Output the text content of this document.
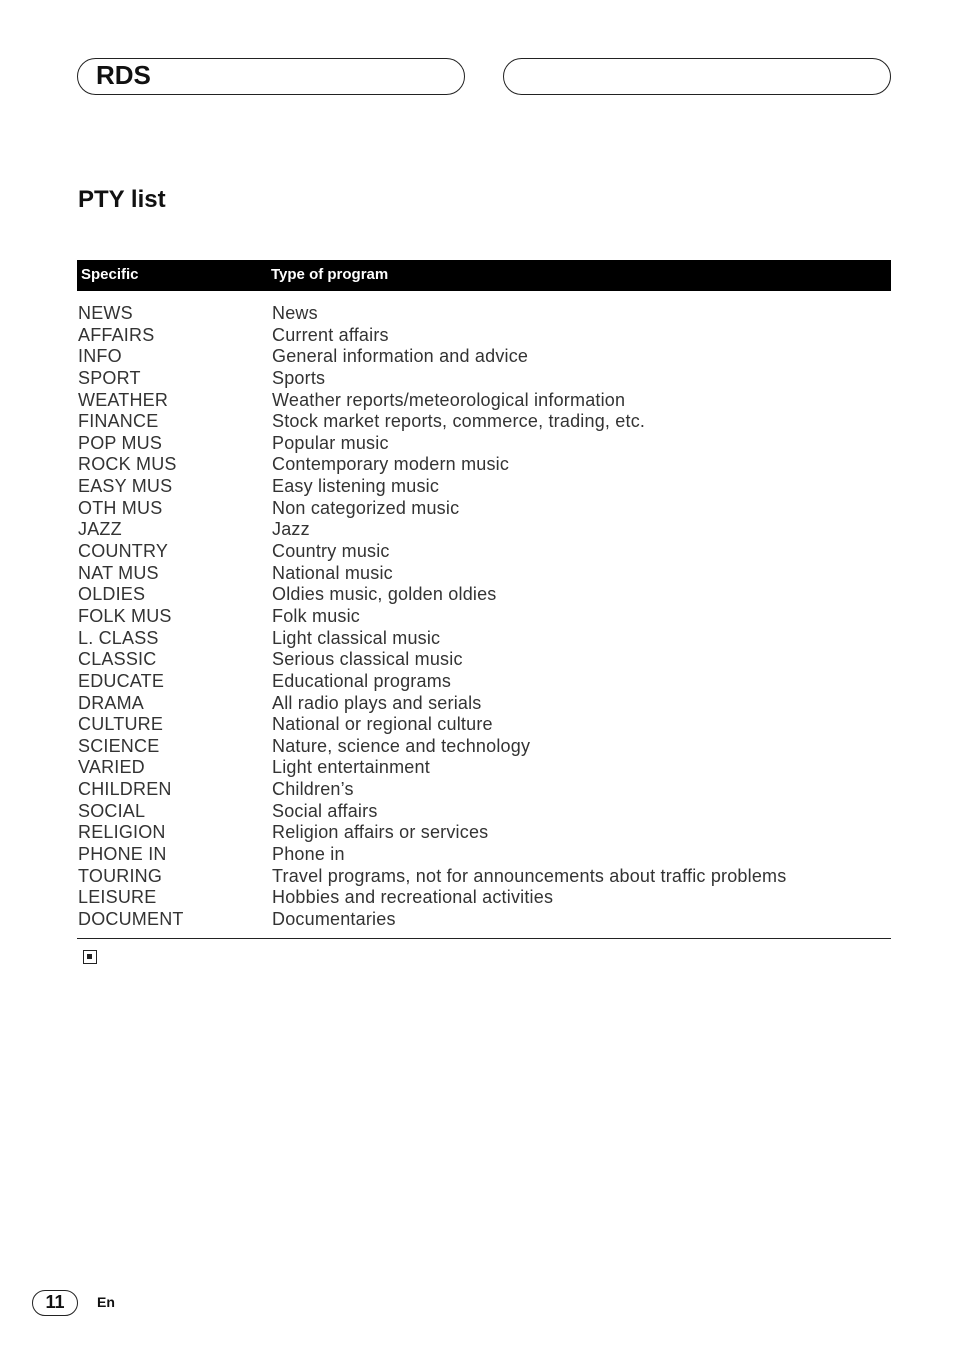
RDS
PTY list
Specific	Type of program
NEWS	News
AFFAIRS	Current affairs
INFO	General information and advice
SPORT	Sports
WEATHER	Weather reports/meteorological information
FINANCE	Stock market reports, commerce, trading, etc.
POP MUS	Popular music
ROCK MUS	Contemporary modern music
EASY MUS	Easy listening music
OTH MUS	Non categorized music
JAZZ	Jazz
COUNTRY	Country music
NAT MUS	National music
OLDIES	Oldies music, golden oldies
FOLK MUS	Folk music
L. CLASS	Light classical music
CLASSIC	Serious classical music
EDUCATE	Educational programs
DRAMA	All radio plays and serials
CULTURE	National or regional culture
SCIENCE	Nature, science and technology
VARIED	Light entertainment
CHILDREN	Children’s
SOCIAL	Social affairs
RELIGION	Religion affairs or services
PHONE IN	Phone in
TOURING	Travel programs, not for announcements about traffic problems
LEISURE	Hobbies and recreational activities
DOCUMENT	Documentaries
11	En
